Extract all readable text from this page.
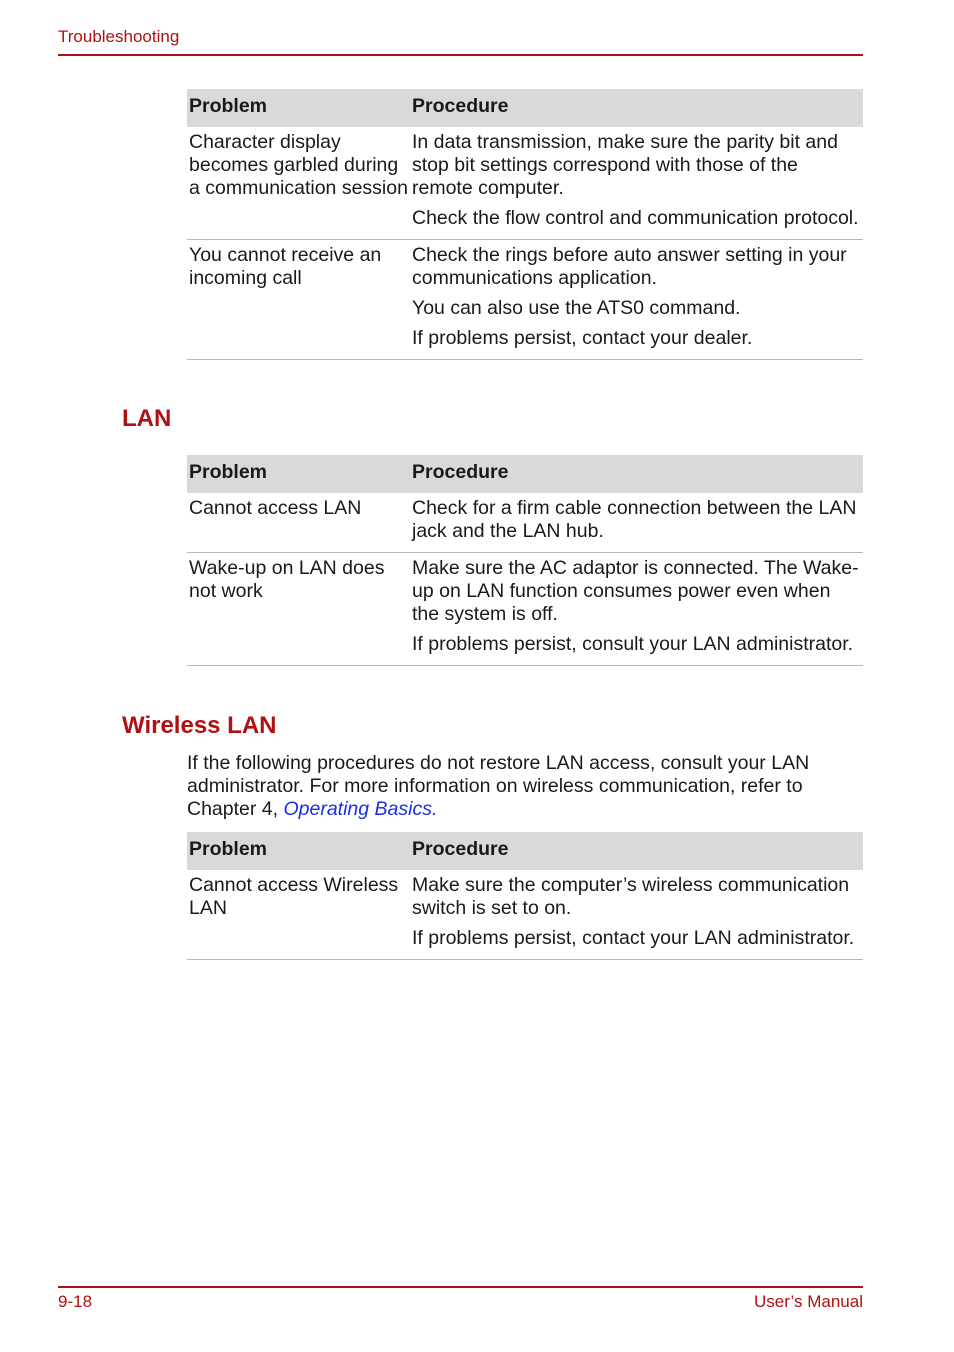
Troubleshooting
Problem	Procedure
Character display becomes garbled during a communication session	In data transmission, make sure the parity bit and stop bit settings correspond with those of the remote computer.

Check the flow control and communication protocol.

You cannot receive an incoming call	Check the rings before auto answer setting in your communications application.

You can also use the ATS0 command.

If problems persist, contact your dealer.

LAN
Problem	Procedure
Cannot access LAN	Check for a firm cable connection between the LAN jack and the LAN hub.

Wake-up on LAN does not work	Make sure the AC adaptor is connected. The Wake-up on LAN function consumes power even when the system is off.

If problems persist, consult your LAN administrator.

Wireless LAN
If the following procedures do not restore LAN access, consult your LAN administrator. For more information on wireless communication, refer to Chapter 4, Operating Basics.
Problem	Procedure
Cannot access Wireless LAN	Make sure the computer’s wireless communication switch is set to on.

If problems persist, contact your LAN administrator.

9-18	User’s Manual
